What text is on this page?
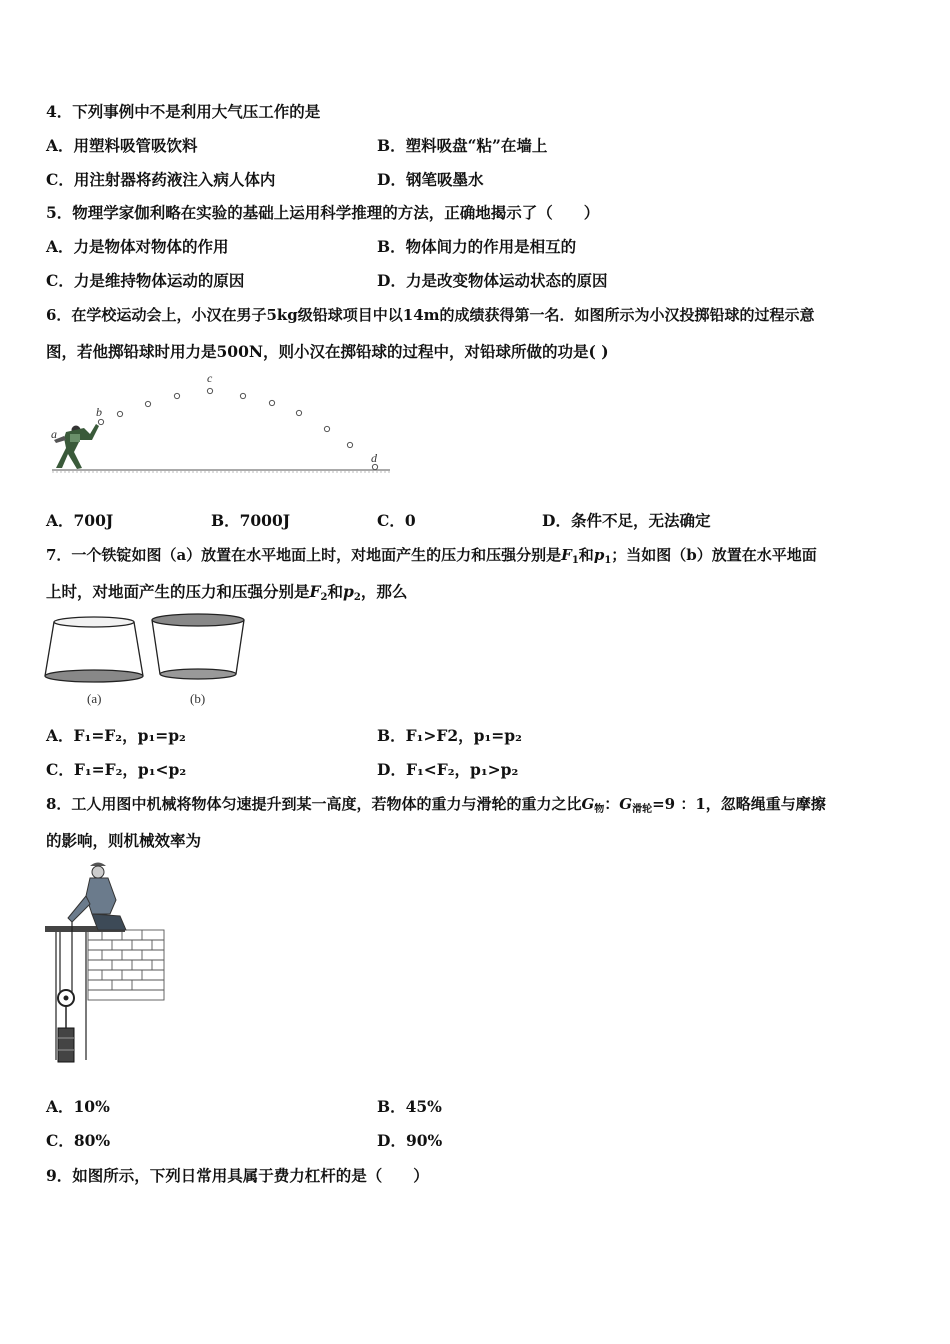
4．下列事例中不是利用大气压工作的是
A．用塑料吸管吸饮料	B．塑料吸盘“粘”在墙上
C．用注射器将药液注入病人体内	D．钢笔吸墨水
5．物理学家伽利略在实验的基础上运用科学推理的方法，正确地揭示了（　　）
A．力是物体对物体的作用	B．物体间力的作用是相互的
C．力是维持物体运动的原因	D．力是改变物体运动状态的原因
6．在学校运动会上，小汉在男子5kg级铅球项目中以14m的成绩获得第一名．如图所示为小汉投掷铅球的过程示意
图，若他掷铅球时用力是500N，则小汉在掷铅球的过程中，对铅球所做的功是( )
a
b
c
d
A．700J	B．7000J	C．0	D．条件不足，无法确定
7．一个铁锭如图（a）放置在水平地面上时，对地面产生的压力和压强分别是$F_1$和$p_1$；当如图（b）放置在水平地面
上时，对地面产生的压力和压强分别是$F_2$和$p_2$，那么
(a)	(b)
A．F₁=F₂，p₁=p₂	B．F₁>F2，p₁=p₂
C．F₁=F₂，p₁<p₂	D．F₁<F₂，p₁>p₂
8．工人用图中机械将物体匀速提升到某一高度，若物体的重力与滑轮的重力之比$G_物$：$G_{滑轮}=9$ ：1，忽略绳重与摩擦
的影响，则机械效率为
A．10%	B．45%
C．80%	D．90%
9．如图所示，下列日常用具属于费力杠杆的是（　　）
